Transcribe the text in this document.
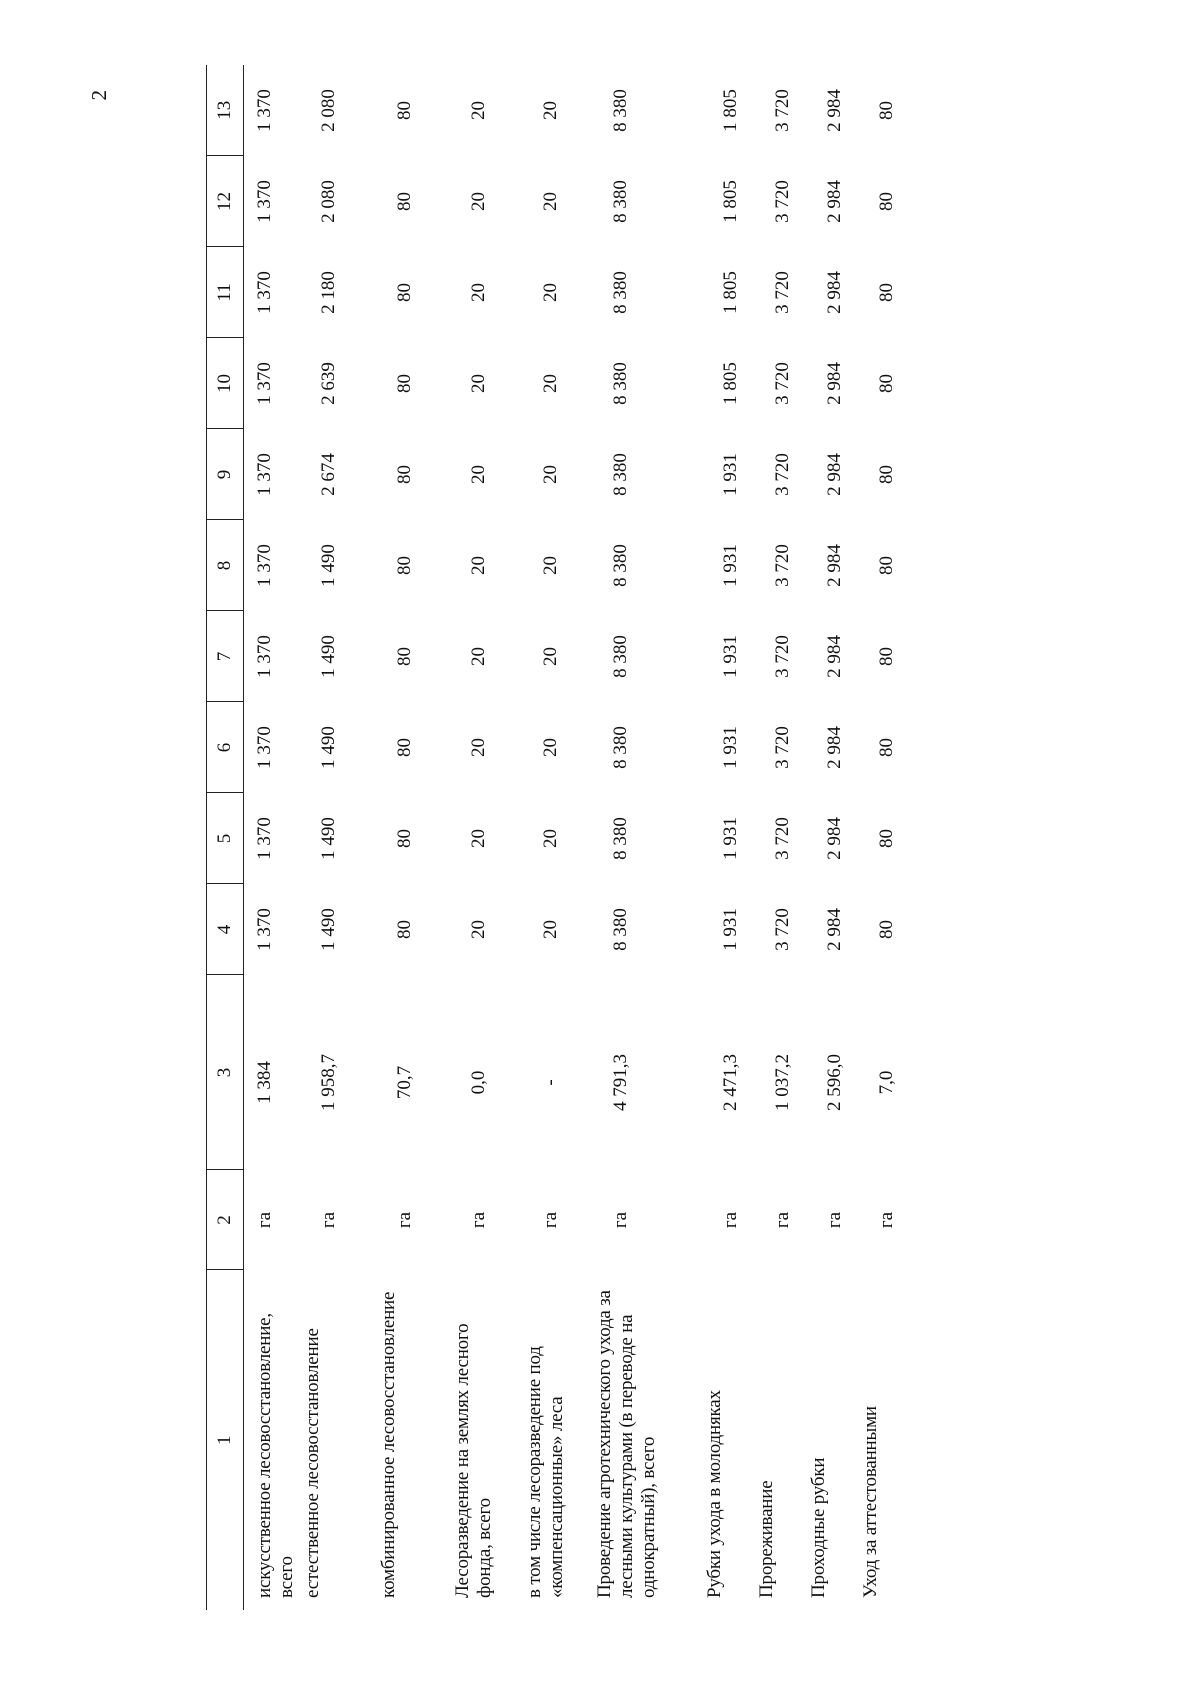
2
1	2	3	4	5	6	7	8	9	10	11	12	13
искусственное лесовосстановление, всего	га	1 384	1 370	1 370	1 370	1 370	1 370	1 370	1 370	1 370	1 370	1 370
естественное лесовосстановление	га	1 958,7	1 490	1 490	1 490	1 490	1 490	2 674	2 639	2 180	2 080	2 080
комбинированное лесовосстановление	га	70,7	80	80	80	80	80	80	80	80	80	80
Лесоразведение на землях лесного фонда, всего	га	0,0	20	20	20	20	20	20	20	20	20	20
в том числе лесоразведение под «компенсационные» леса	га	-	20	20	20	20	20	20	20	20	20	20
Проведение агротехнического ухода за лесными культурами (в переводе на однократный), всего	га	4 791,3	8 380	8 380	8 380	8 380	8 380	8 380	8 380	8 380	8 380	8 380
Рубки ухода в молодняках	га	2 471,3	1 931	1 931	1 931	1 931	1 931	1 931	1 805	1 805	1 805	1 805
Прореживание	га	1 037,2	3 720	3 720	3 720	3 720	3 720	3 720	3 720	3 720	3 720	3 720
Проходные рубки	га	2 596,0	2 984	2 984	2 984	2 984	2 984	2 984	2 984	2 984	2 984	2 984
Уход за аттестованными	га	7,0	80	80	80	80	80	80	80	80	80	80
